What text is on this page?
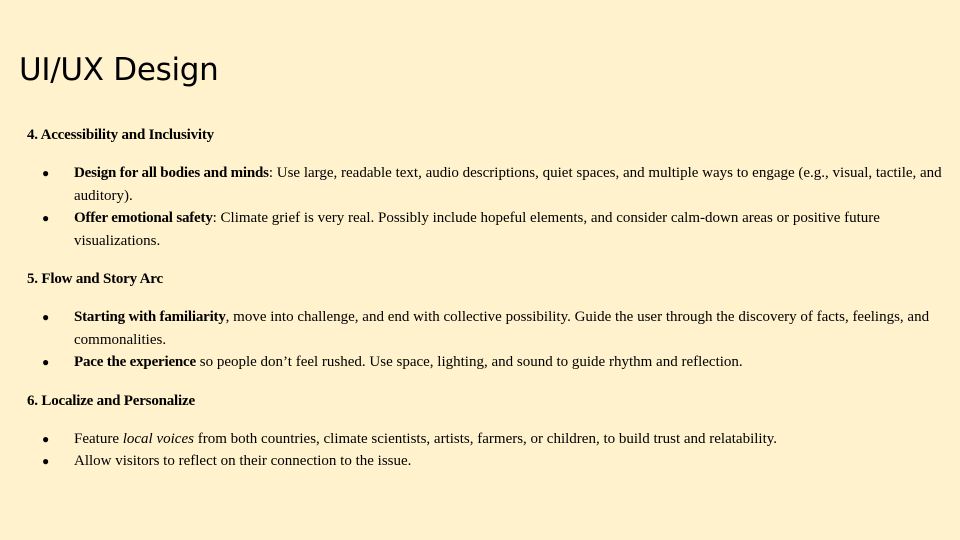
UI/UX Design

4. Accessibility and Inclusivity

● Design for all bodies and minds: Use large, readable text, audio descriptions, quiet spaces, and multiple ways to engage (e.g., visual, tactile, and auditory).
● Offer emotional safety: Climate grief is very real. Possibly include hopeful elements, and consider calm-down areas or positive future visualizations.

5. Flow and Story Arc

● Starting with familiarity, move into challenge, and end with collective possibility. Guide the user through the discovery of facts, feelings, and commonalities.
● Pace the experience so people don’t feel rushed. Use space, lighting, and sound to guide rhythm and reflection.

6. Localize and Personalize

● Feature local voices from both countries, climate scientists, artists, farmers, or children, to build trust and relatability.
● Allow visitors to reflect on their connection to the issue.
